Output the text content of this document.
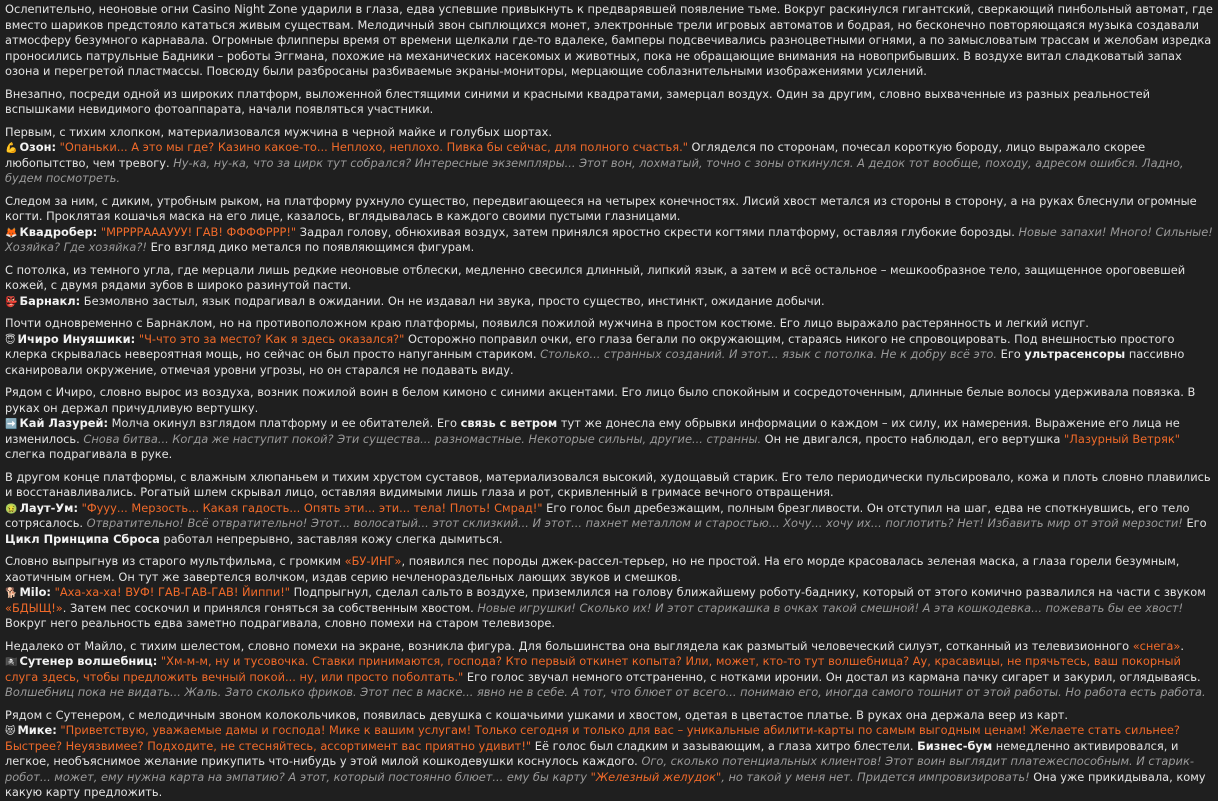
Ослепительно, неоновые огни Casino Night Zone ударили в глаза, едва успевшие привыкнуть к предварявшей появление тьме. Вокруг раскинулся гигантский, сверкающий пинбольный автомат, где вместо шариков предстояло кататься живым существам. Мелодичный звон сыплющихся монет, электронные трели игровых автоматов и бодрая, но бесконечно повторяющаяся музыка создавали атмосферу безумного карнавала. Огромные флипперы время от времени щелкали где-то вдалеке, бамперы подсвечивались разноцветными огнями, а по замысловатым трассам и желобам изредка проносились патрульные Бадники – роботы Эггмана, похожие на механических насекомых и животных, пока не обращающие внимания на новоприбывших. В воздухе витал сладковатый запах озона и перегретой пластмассы. Повсюду были разбросаны разбиваемые экраны-мониторы, мерцающие соблазнительными изображениями усилений.

Внезапно, посреди одной из широких платформ, выложенной блестящими синими и красными квадратами, замерцал воздух. Один за другим, словно выхваченные из разных реальностей вспышками невидимого фотоаппарата, начали появляться участники.

Первым, с тихим хлопком, материализовался мужчина в черной майке и голубых шортах.
💪 Озон: "Опаньки... А это мы где? Казино какое-то... Неплохо, неплохо. Пивка бы сейчас, для полного счастья." Огляделся по сторонам, почесал короткую бороду, лицо выражало скорее любопытство, чем тревогу. Ну-ка, ну-ка, что за цирк тут собрался? Интересные экземпляры... Этот вон, лохматый, точно с зоны откинулся. А дедок тот вообще, походу, адресом ошибся. Ладно, будем посмотреть.

Следом за ним, с диким, утробным рыком, на платформу рухнуло существо, передвигающееся на четырех конечностях. Лисий хвост метался из стороны в сторону, а на руках блеснули огромные когти. Проклятая кошачья маска на его лице, казалось, вглядывалась в каждого своими пустыми глазницами.
🦊 Квадробер: "МРРРРАААУУУ! ГАВ! ФФФФРРР!" Задрал голову, обнюхивая воздух, затем принялся яростно скрести когтями платформу, оставляя глубокие борозды. Новые запахи! Много! Сильные! Хозяйка? Где хозяйка?! Его взгляд дико метался по появляющимся фигурам.

С потолка, из темного угла, где мерцали лишь редкие неоновые отблески, медленно свесился длинный, липкий язык, а затем и всё остальное – мешкообразное тело, защищенное ороговевшей кожей, с двумя рядами зубов в широко разинутой пасти.
👺 Барнакл: Безмолвно застыл, язык подрагивал в ожидании. Он не издавал ни звука, просто существо, инстинкт, ожидание добычи.

Почти одновременно с Барнаклом, но на противоположном краю платформы, появился пожилой мужчина в простом костюме. Его лицо выражало растерянность и легкий испуг.
😇 Ичиро Инуяшики: "Ч-что это за место? Как я здесь оказался?" Осторожно поправил очки, его глаза бегали по окружающим, стараясь никого не спровоцировать. Под внешностью простого клерка скрывалась невероятная мощь, но сейчас он был просто напуганным стариком. Столько... странных созданий. И этот... язык с потолка. Не к добру всё это. Его ультрасенсоры пассивно сканировали окружение, отмечая уровни угрозы, но он старался не подавать виду.

Рядом с Ичиро, словно вырос из воздуха, возник пожилой воин в белом кимоно с синими акцентами. Его лицо было спокойным и сосредоточенным, длинные белые волосы удерживала повязка. В руках он держал причудливую вертушку.
➡️ Кай Лазурей: Молча окинул взглядом платформу и ее обитателей. Его связь с ветром тут же донесла ему обрывки информации о каждом – их силу, их намерения. Выражение его лица не изменилось. Снова битва... Когда же наступит покой? Эти существа... разномастные. Некоторые сильны, другие... странны. Он не двигался, просто наблюдал, его вертушка "Лазурный Ветряк" слегка подрагивала в руке.

В другом конце платформы, с влажным хлюпаньем и тихим хрустом суставов, материализовался высокий, худощавый старик. Его тело периодически пульсировало, кожа и плоть словно плавились и восстанавливались. Рогатый шлем скрывал лицо, оставляя видимыми лишь глаза и рот, скривленный в гримасе вечного отвращения.
🤢 Лаут-Ум: "Фууу... Мерзость... Какая гадость... Опять эти... эти... тела! Плоть! Смрад!" Его голос был дребезжащим, полным брезгливости. Он отступил на шаг, едва не споткнувшись, его тело сотрясалось. Отвратительно! Всё отвратительно! Этот... волосатый... этот склизкий... И этот... пахнет металлом и старостью... Хочу... хочу их... поглотить? Нет! Избавить мир от этой мерзости! Его Цикл Принципа Сброса работал непрерывно, заставляя кожу слегка дымиться.

Словно выпрыгнув из старого мультфильма, с громким «БУ-ИНГ», появился пес породы джек-рассел-терьер, но не простой. На его морде красовалась зеленая маска, а глаза горели безумным, хаотичным огнем. Он тут же завертелся волчком, издав серию нечленораздельных лающих звуков и смешков.
🐕 Milo: "Аха-ха-ха! ВУФ! ГАВ-ГАВ-ГАВ! Йиппи!" Подпрыгнул, сделал сальто в воздухе, приземлился на голову ближайшему роботу-баднику, который от этого комично развалился на части с звуком «БДЫЩ!». Затем пес соскочил и принялся гоняться за собственным хвостом. Новые игрушки! Сколько их! И этот старикашка в очках такой смешной! А эта кошкодевка... пожевать бы ее хвост! Вокруг него реальность едва заметно подрагивала, словно помехи на старом телевизоре.

Недалеко от Майло, с тихим шелестом, словно помехи на экране, возникла фигура. Для большинства она выглядела как размытый человеческий силуэт, сотканный из телевизионного «снега».
🏴‍☠️ Сутенер волшебниц: "Хм-м-м, ну и тусовочка. Ставки принимаются, господа? Кто первый откинет копыта? Или, может, кто-то тут волшебница? Ау, красавицы, не прячьтесь, ваш покорный слуга здесь, чтобы предложить вечный покой... ну, или просто поболтать." Его голос звучал немного отстраненно, с нотками иронии. Он достал из кармана пачку сигарет и закурил, оглядываясь. Волшебниц пока не видать... Жаль. Зато сколько фриков. Этот пес в маске... явно не в себе. А тот, что блюет от всего... понимаю его, иногда самого тошнит от этой работы. Но работа есть работа.

Рядом с Сутенером, с мелодичным звоном колокольчиков, появилась девушка с кошачьими ушками и хвостом, одетая в цветастое платье. В руках она держала веер из карт.
😻 Мике: "Приветствую, уважаемые дамы и господа! Мике к вашим услугам! Только сегодня и только для вас – уникальные абилити-карты по самым выгодным ценам! Желаете стать сильнее? Быстрее? Неуязвимее? Подходите, не стесняйтесь, ассортимент вас приятно удивит!" Её голос был сладким и зазывающим, а глаза хитро блестели. Бизнес-бум немедленно активировался, и легкое, необъяснимое желание прикупить что-нибудь у этой милой кошкодевушки коснулось каждого. Ого, сколько потенциальных клиентов! Этот воин выглядит платежеспособным. И старик-робот... может, ему нужна карта на эмпатию? А этот, который постоянно блюет... ему бы карту "Железный желудок", но такой у меня нет. Придется импровизировать! Она уже прикидывала, кому какую карту предложить.
